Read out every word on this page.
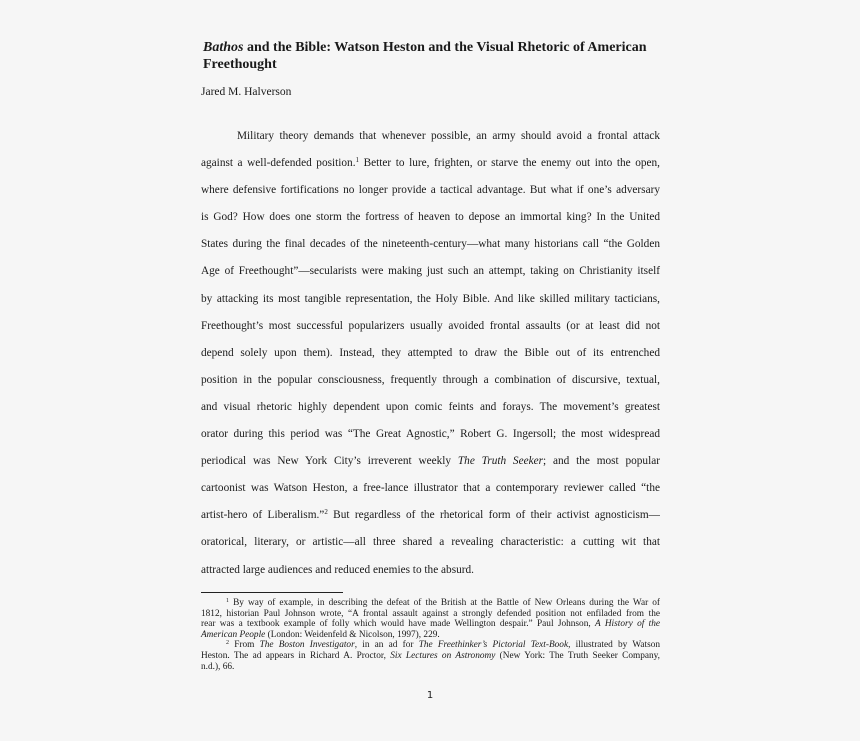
Bathos and the Bible: Watson Heston and the Visual Rhetoric of American Freethought
Jared M. Halverson
Military theory demands that whenever possible, an army should avoid a frontal attack
against a well-defended position.$^1$ Better to lure, frighten, or starve the enemy out into the open,
where defensive fortifications no longer provide a tactical advantage. But what if one’s adversary
is God? How does one storm the fortress of heaven to depose an immortal king? In the United
States during the final decades of the nineteenth-century—what many historians call “the Golden
Age of Freethought”—secularists were making just such an attempt, taking on Christianity itself
by attacking its most tangible representation, the Holy Bible. And like skilled military tacticians,
Freethought’s most successful popularizers usually avoided frontal assaults (or at least did not
depend solely upon them). Instead, they attempted to draw the Bible out of its entrenched
position in the popular consciousness, frequently through a combination of discursive, textual,
and visual rhetoric highly dependent upon comic feints and forays. The movement’s greatest
orator during this period was “The Great Agnostic,” Robert G. Ingersoll; the most widespread
periodical was New York City’s irreverent weekly The Truth Seeker; and the most popular
cartoonist was Watson Heston, a free-lance illustrator that a contemporary reviewer called “the
artist-hero of Liberalism.”$^2$ But regardless of the rhetorical form of their activist agnosticism—
oratorical, literary, or artistic—all three shared a revealing characteristic: a cutting wit that
attracted large audiences and reduced enemies to the absurd.
$^1$ By way of example, in describing the defeat of the British at the Battle of New Orleans during the War of
1812, historian Paul Johnson wrote, “A frontal assault against a strongly defended position not enfiladed from the
rear was a textbook example of folly which would have made Wellington despair.” Paul Johnson, A History of the
American People (London: Weidenfeld & Nicolson, 1997), 229.
$^2$ From The Boston Investigator, in an ad for The Freethinker’s Pictorial Text-Book, illustrated by Watson
Heston. The ad appears in Richard A. Proctor, Six Lectures on Astronomy (New York: The Truth Seeker Company,
n.d.), 66.
1
